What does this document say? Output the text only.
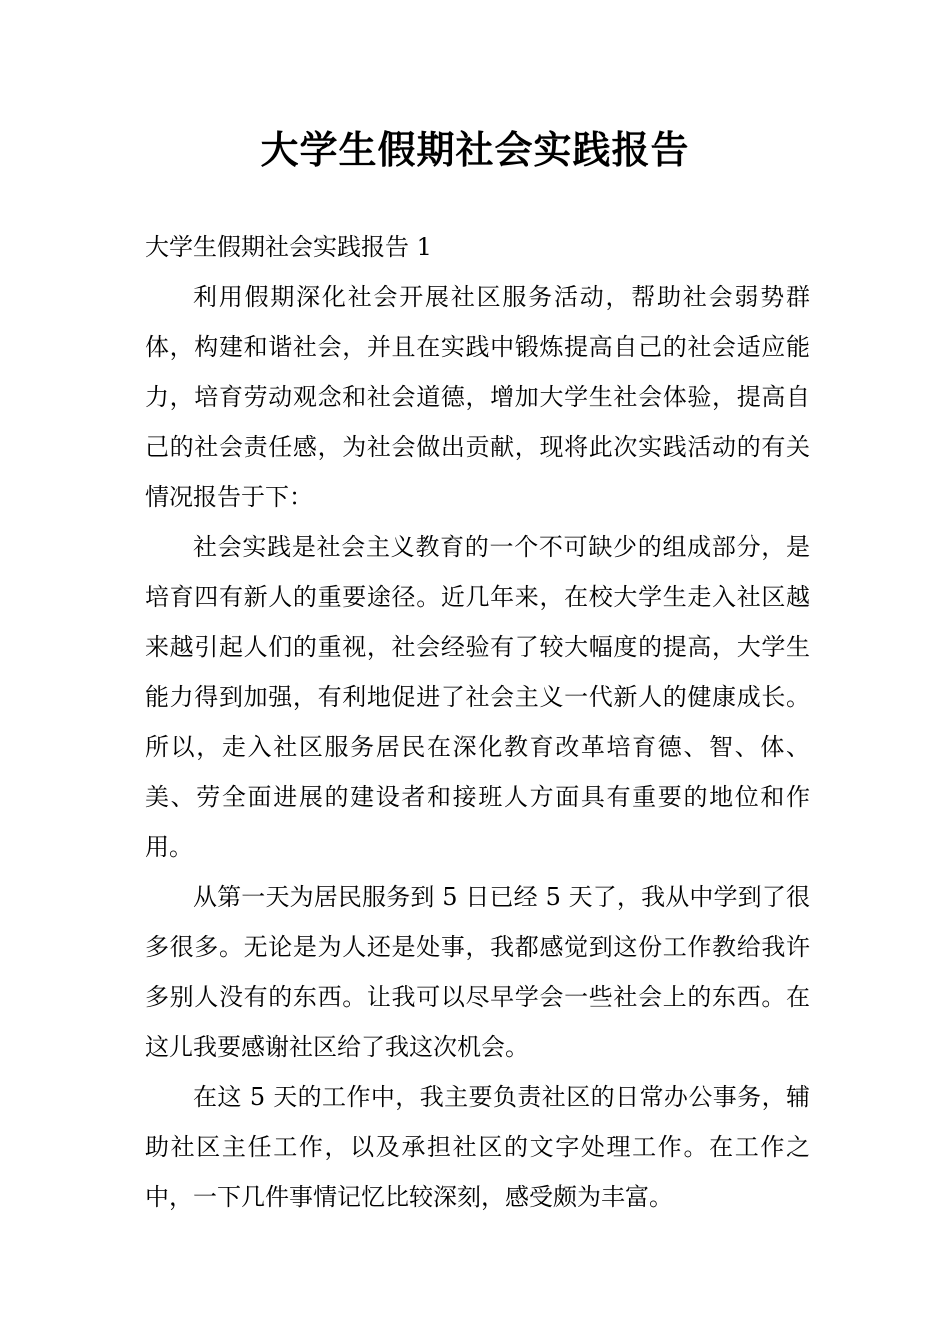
大学生假期社会实践报告
大学生假期社会实践报告 1

利用假期深化社会开展社区服务活动，帮助社会弱势群体，构建和谐社会，并且在实践中锻炼提高自己的社会适应能力，培育劳动观念和社会道德，增加大学生社会体验，提高自己的社会责任感，为社会做出贡献，现将此次实践活动的有关情况报告于下：

社会实践是社会主义教育的一个不可缺少的组成部分，是培育四有新人的重要途径。近几年来，在校大学生走入社区越来越引起人们的重视，社会经验有了较大幅度的提高，大学生能力得到加强，有利地促进了社会主义一代新人的健康成长。所以，走入社区服务居民在深化教育改革培育德、智、体、美、劳全面进展的建设者和接班人方面具有重要的地位和作用。

从第一天为居民服务到 5 日已经 5 天了，我从中学到了很多很多。无论是为人还是处事，我都感觉到这份工作教给我许多别人没有的东西。让我可以尽早学会一些社会上的东西。在这儿我要感谢社区给了我这次机会。

在这 5 天的工作中，我主要负责社区的日常办公事务，辅助社区主任工作，以及承担社区的文字处理工作。在工作之中，一下几件事情记忆比较深刻，感受颇为丰富。
